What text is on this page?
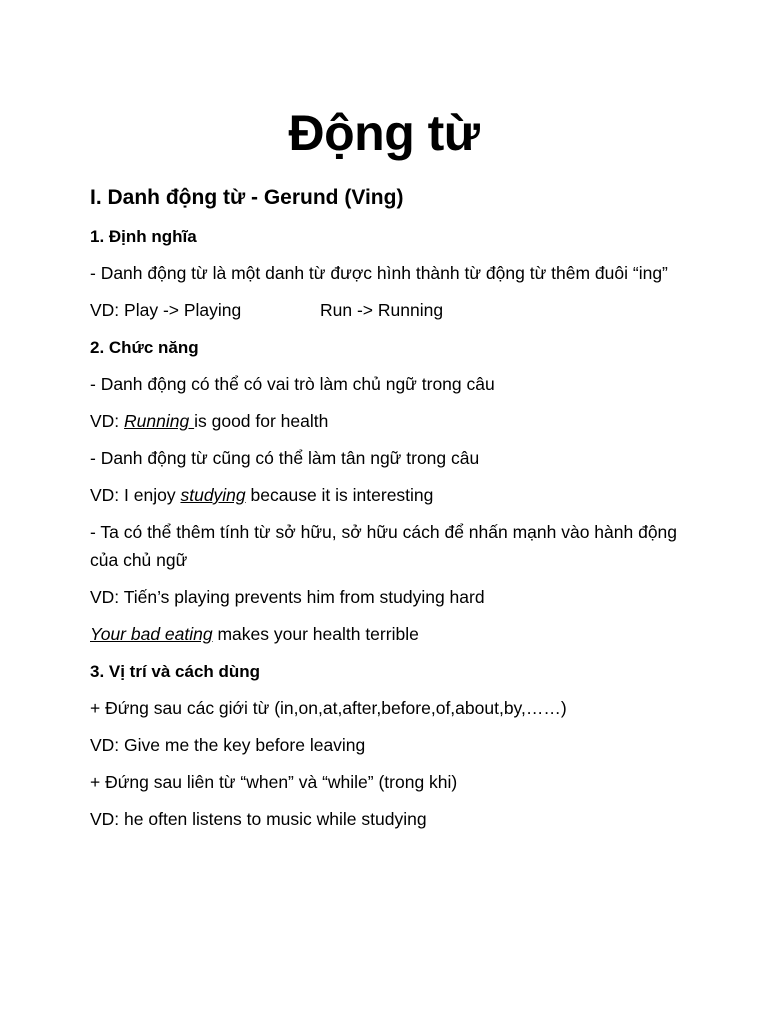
Động từ
I. Danh động từ - Gerund (Ving)
1. Định nghĩa

- Danh động từ là một danh từ được hình thành từ động từ thêm đuôi “ing”

VD: Play -> Playing	Run -> Running
2. Chức năng

- Danh động có thể có vai trò làm chủ ngữ trong câu

VD: Running is good for health

- Danh động từ cũng có thể làm tân ngữ trong câu

VD: I enjoy studying because it is interesting

- Ta có thể thêm tính từ sở hữu, sở hữu cách để nhấn mạnh vào hành động của chủ ngữ

VD: Tiến’s playing prevents him from studying hard

Your bad eating makes your health terrible

3. Vị trí và cách dùng

+ Đứng sau các giới từ (in,on,at,after,before,of,about,by,……)

VD: Give me the key before leaving

+ Đứng sau liên từ “when” và “while” (trong khi)

VD: he often listens to music while studying
